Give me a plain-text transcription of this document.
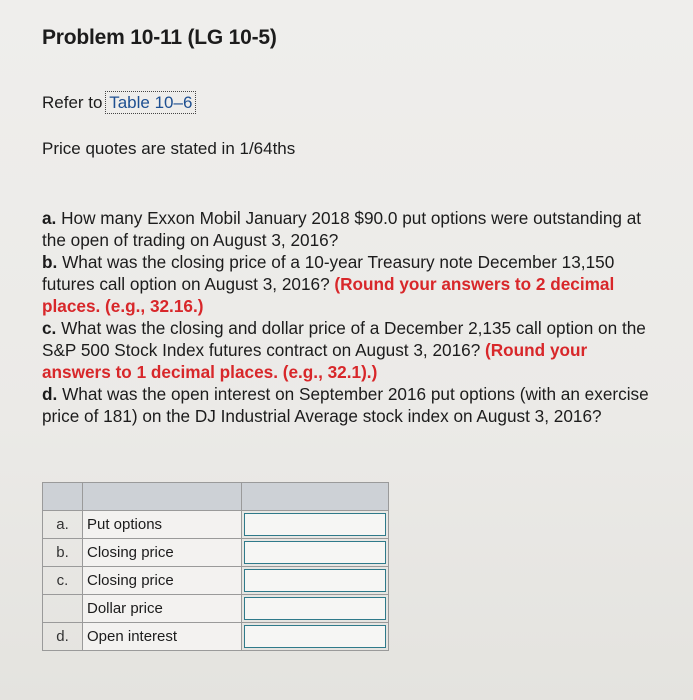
Problem 10-11 (LG 10-5)
Refer to Table 10–6
Price quotes are stated in 1/64ths

a. How many Exxon Mobil January 2018 $90.0 put options were outstanding at the open of trading on August 3, 2016?

b. What was the closing price of a 10-year Treasury note December 13,150 futures call option on August 3, 2016? (Round your answers to 2 decimal places. (e.g., 32.16.)

c. What was the closing and dollar price of a December 2,135 call option on the S&P 500 Stock Index futures contract on August 3, 2016? (Round your answers to 1 decimal places. (e.g., 32.1).)

d. What was the open interest on September 2016 put options (with an exercise price of 181) on the DJ Industrial Average stock index on August 3, 2016?

a.	Put options	

b.	Closing price	

c.	Closing price	

	Dollar price	

d.	Open interest	
